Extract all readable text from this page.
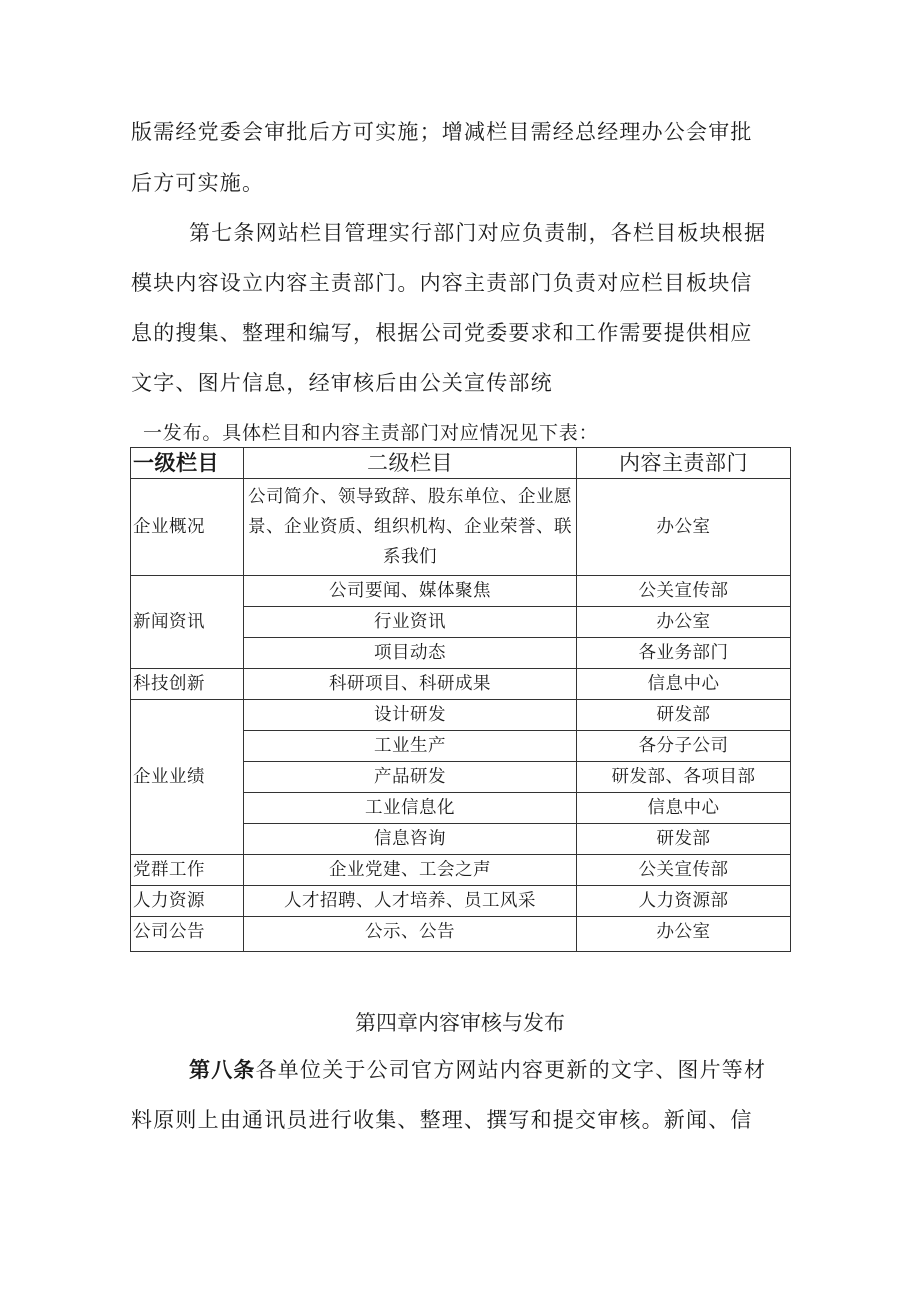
版需经党委会审批后方可实施；增减栏目需经总经理办公会审批
后方可实施。
第七条网站栏目管理实行部门对应负责制，各栏目板块根据
模块内容设立内容主责部门。内容主责部门负责对应栏目板块信
息的搜集、整理和编写，根据公司党委要求和工作需要提供相应
文字、图片信息，经审核后由公关宣传部统
一发布。具体栏目和内容主责部门对应情况见下表：
一级栏目	二级栏目	内容主责部门
企业概况	公司简介、领导致辞、股东单位、企业愿景、企业资质、组织机构、企业荣誉、联系我们	办公室
新闻资讯	公司要闻、媒体聚焦	公关宣传部
	行业资讯	办公室
	项目动态	各业务部门
科技创新	科研项目、科研成果	信息中心
企业业绩	设计研发	研发部
	工业生产	各分子公司
	产品研发	研发部、各项目部
	工业信息化	信息中心
	信息咨询	研发部
党群工作	企业党建、工会之声	公关宣传部
人力资源	人才招聘、人才培养、员工风采	人力资源部
公司公告	公示、公告	办公室
第四章内容审核与发布
第八条各单位关于公司官方网站内容更新的文字、图片等材
料原则上由通讯员进行收集、整理、撰写和提交审核。新闻、信
